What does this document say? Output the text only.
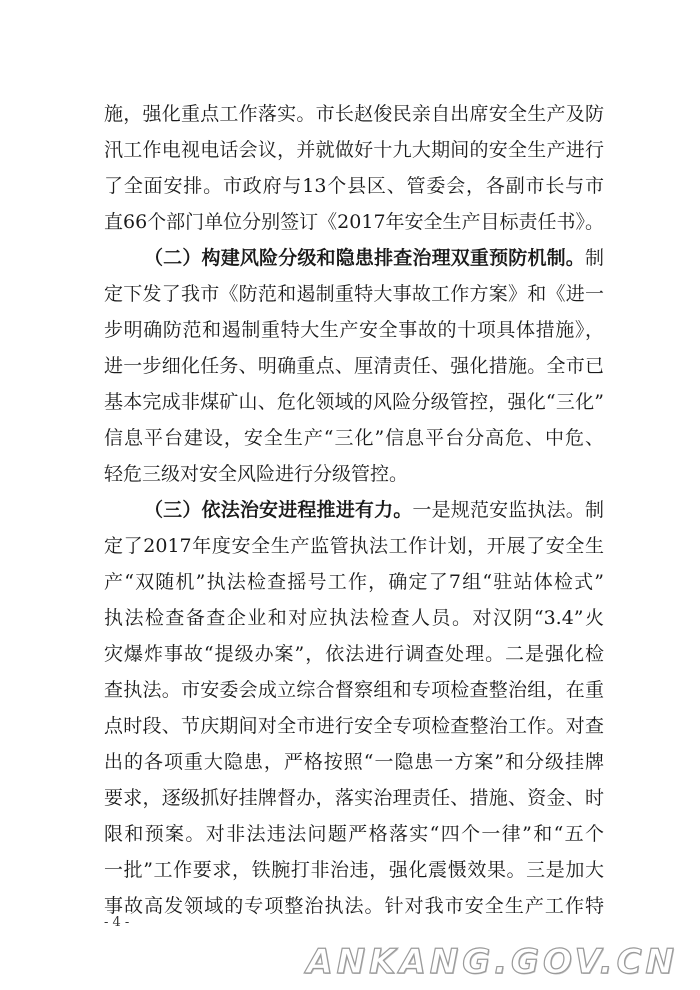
施，强化重点工作落实。市长赵俊民亲自出席安全生产及防
汛工作电视电话会议，并就做好十九大期间的安全生产进行
了全面安排。市政府与13个县区、管委会，各副市长与市
直66个部门单位分别签订《2017年安全生产目标责任书》。
（二）构建风险分级和隐患排查治理双重预防机制。制
定下发了我市《防范和遏制重特大事故工作方案》和《进一
步明确防范和遏制重特大生产安全事故的十项具体措施》，
进一步细化任务、明确重点、厘清责任、强化措施。全市已
基本完成非煤矿山、危化领域的风险分级管控，强化“三化”
信息平台建设，安全生产“三化”信息平台分高危、中危、
轻危三级对安全风险进行分级管控。
（三）依法治安进程推进有力。一是规范安监执法。制
定了2017年度安全生产监管执法工作计划，开展了安全生
产“双随机”执法检查摇号工作，确定了7组“驻站体检式”
执法检查备查企业和对应执法检查人员。对汉阴“3.4”火
灾爆炸事故“提级办案”，依法进行调查处理。二是强化检
查执法。市安委会成立综合督察组和专项检查整治组，在重
点时段、节庆期间对全市进行安全专项检查整治工作。对查
出的各项重大隐患，严格按照“一隐患一方案”和分级挂牌
要求，逐级抓好挂牌督办，落实治理责任、措施、资金、时
限和预案。对非法违法问题严格落实“四个一律”和“五个
一批”工作要求，铁腕打非治违，强化震慑效果。三是加大
事故高发领域的专项整治执法。针对我市安全生产工作特
- 4 -
ANKANG.GOV.CN
